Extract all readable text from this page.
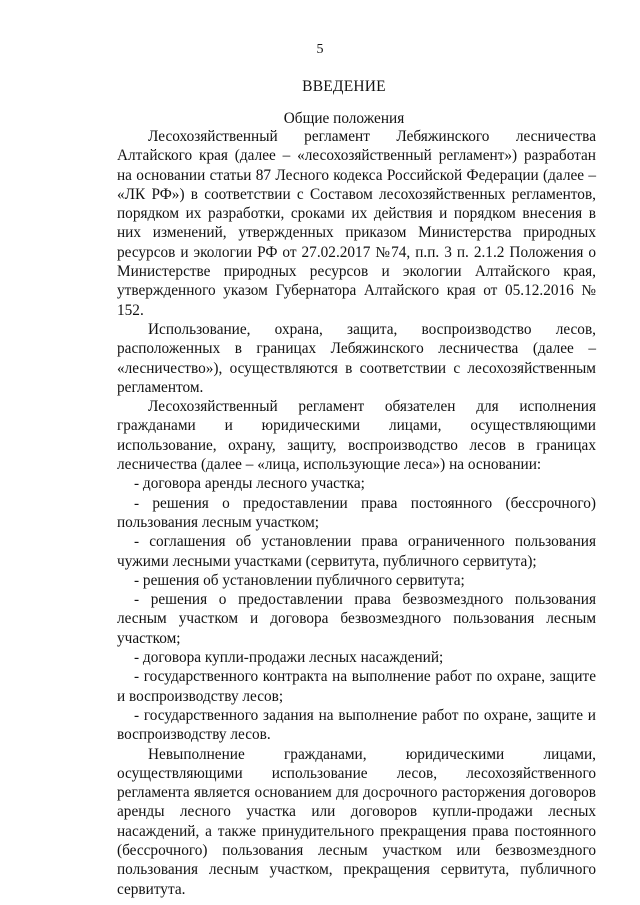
5
ВВЕДЕНИЕ
Общие положения

Лесохозяйственный регламент Лебяжинского лесничества Алтайского края (далее – «лесохозяйственный регламент») разработан на основании статьи 87 Лесного кодекса Российской Федерации (далее – «ЛК РФ») в соответствии с Составом лесохозяйственных регламентов, порядком их разработки, сроками их действия и порядком внесения в них изменений, утвержденных приказом Министерства природных ресурсов и экологии РФ от 27.02.2017 №74, п.п. 3 п. 2.1.2 Положения о Министерстве природных ресурсов и экологии Алтайского края, утвержденного указом Губернатора Алтайского края от 05.12.2016 № 152.

Использование, охрана, защита, воспроизводство лесов, расположенных в границах Лебяжинского лесничества (далее – «лесничество»), осуществляются в соответствии с лесохозяйственным регламентом.

Лесохозяйственный регламент обязателен для исполнения гражданами и юридическими лицами, осуществляющими использование, охрану, защиту, воспроизводство лесов в границах лесничества (далее – «лица, использующие леса») на основании:

- договора аренды лесного участка;

- решения о предоставлении права постоянного (бессрочного) пользования лесным участком;

- соглашения об установлении права ограниченного пользования чужими лесными участками (сервитута, публичного сервитута);

- решения об установлении публичного сервитута;

- решения о предоставлении права безвозмездного пользования лесным участком и договора безвозмездного пользования лесным участком;

- договора купли-продажи лесных насаждений;

- государственного контракта на выполнение работ по охране, защите и воспроизводству лесов;

- государственного задания на выполнение работ по охране, защите и воспроизводству лесов.

Невыполнение гражданами, юридическими лицами, осуществляющими использование лесов, лесохозяйственного регламента является основанием для досрочного расторжения договоров аренды лесного участка или договоров купли-продажи лесных насаждений, а также принудительного прекращения права постоянного (бессрочного) пользования лесным участком или безвозмездного пользования лесным участком, прекращения сервитута, публичного сервитута.
